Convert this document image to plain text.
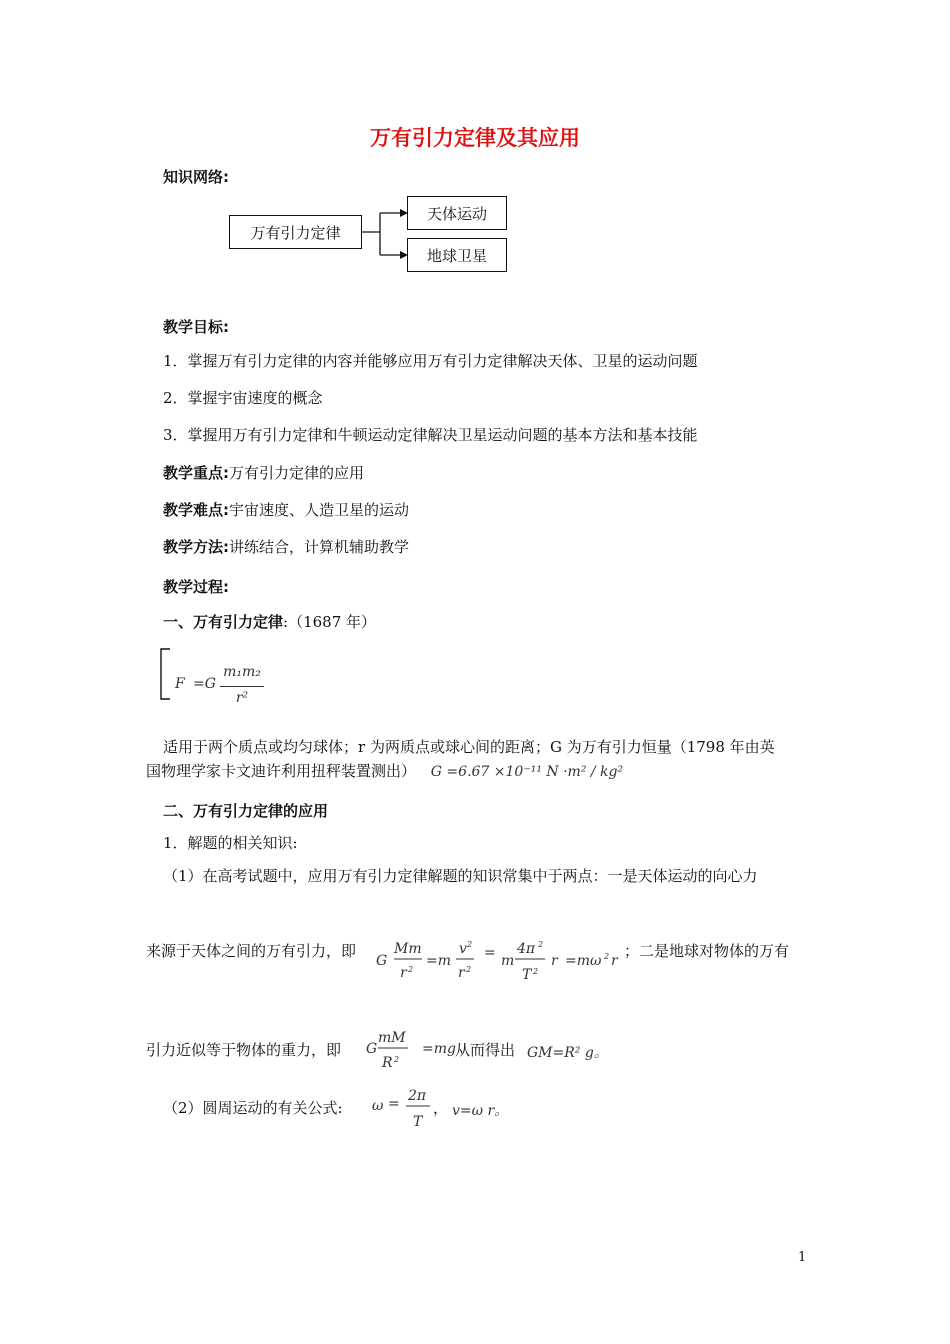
万有引力定律及其应用
知识网络:
万有引力定律
天体运动
地球卫星
教学目标:
1．掌握万有引力定律的内容并能够应用万有引力定律解决天体、卫星的运动问题
2．掌握宇宙速度的概念
3．掌握用万有引力定律和牛顿运动定律解决卫星运动问题的基本方法和基本技能
教学重点:万有引力定律的应用
教学难点:宇宙速度、人造卫星的运动
教学方法:讲练结合，计算机辅助教学
教学过程:
一、万有引力定律:（1687 年）
F =G
m₁m₂
r²
适用于两个质点或均匀球体；r 为两质点或球心间的距离；G 为万有引力恒量（1798 年由英
国物理学家卡文迪许利用扭秤装置测出） G =6.67 ×10⁻¹¹ N ·m² / kg²
二、万有引力定律的应用
1．解题的相关知识:
（1）在高考试题中，应用万有引力定律解题的知识常集中于两点：一是天体运动的向心力
来源于天体之间的万有引力，即
G
Mm
r 2
=m
v 2
r 2
= m
4π 2
T 2
r =mω 2 r
；二是地球对物体的万有
引力近似等于物体的重力，即 G
mM
R 2
=mg 从而得出 GM=R² g。
（2）圆周运动的有关公式: ω = 2π
T
， v=ω r。
1
